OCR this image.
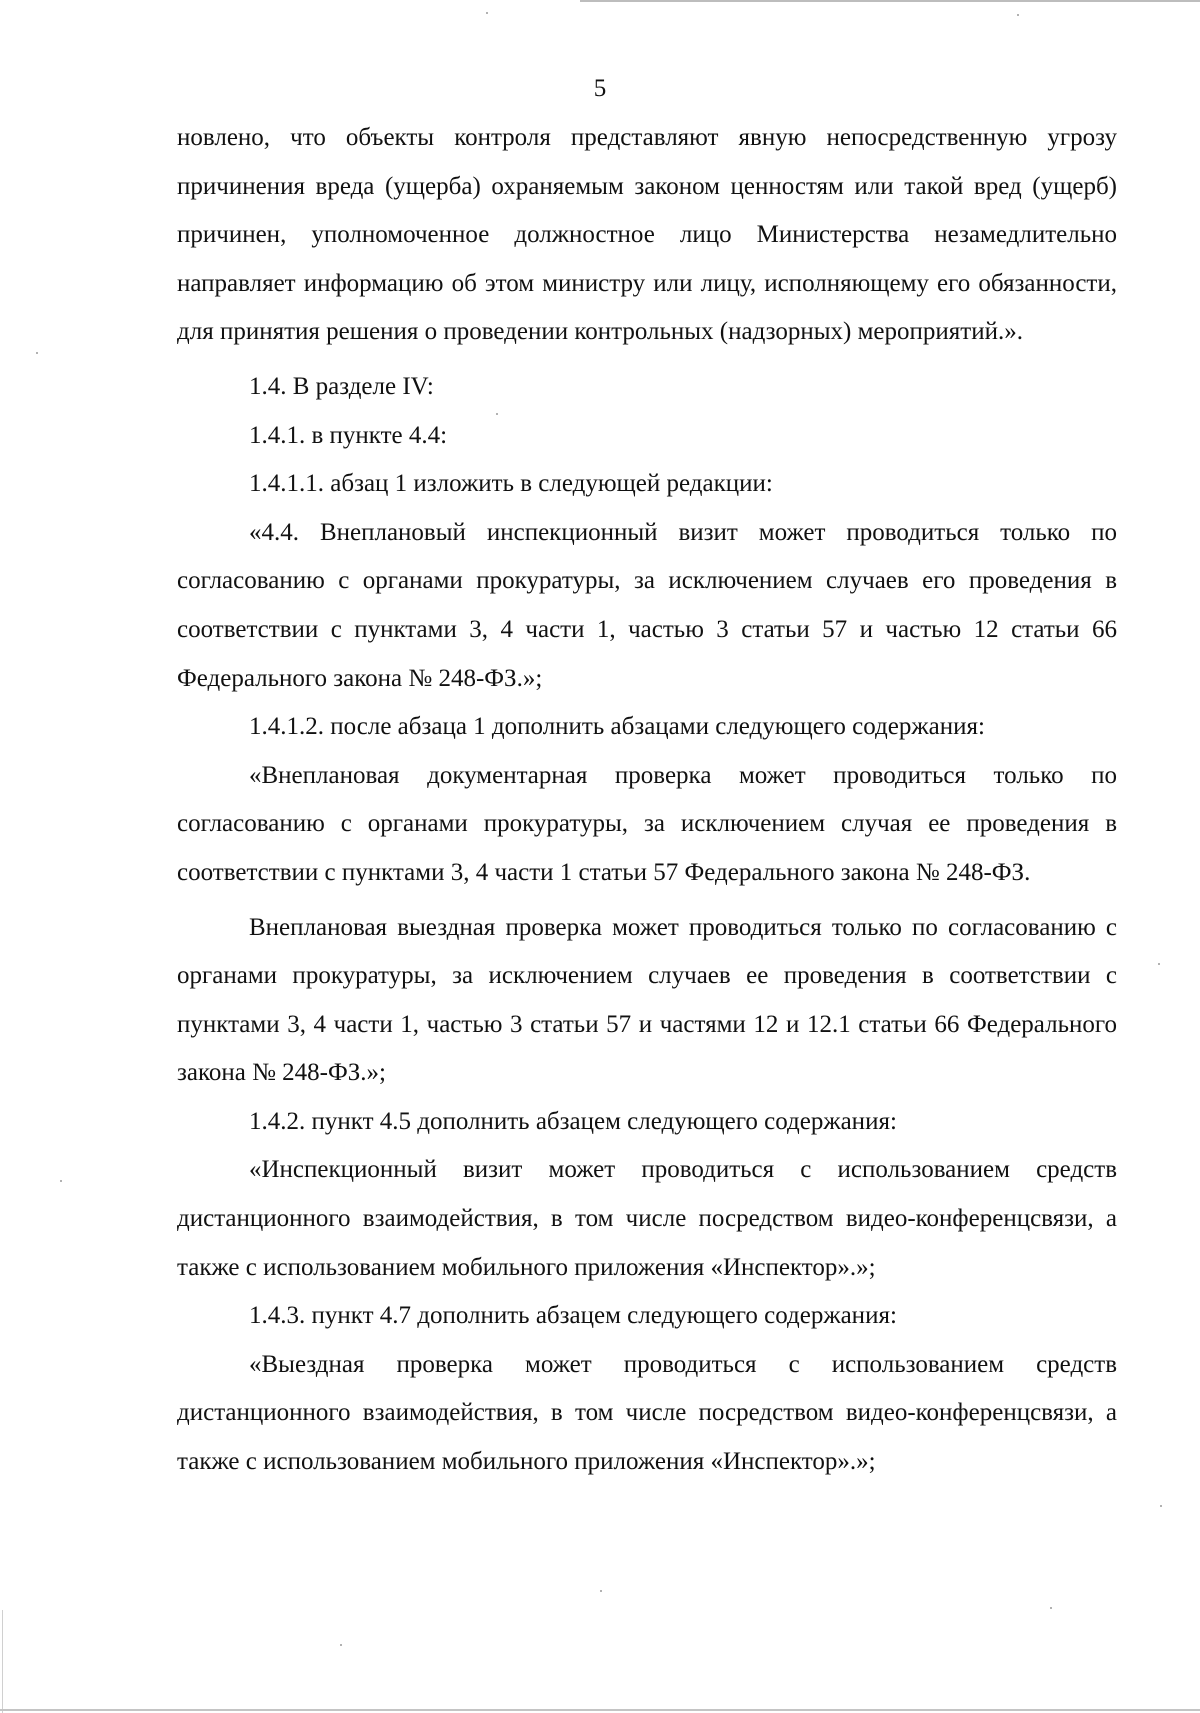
5

новлено, что объекты контроля представляют явную непосредственную угрозу причинения вреда (ущерба) охраняемым законом ценностям или такой вред (ущерб) причинен, уполномоченное должностное лицо Министерства незамедлительно направляет информацию об этом министру или лицу, исполняющему его обязанности, для принятия решения о проведении контрольных (надзорных) мероприятий.».

1.4. В разделе IV:

1.4.1. в пункте 4.4:

1.4.1.1. абзац 1 изложить в следующей редакции:

«4.4. Внеплановый инспекционный визит может проводиться только по согласованию с органами прокуратуры, за исключением случаев его проведения в соответствии с пунктами 3, 4 части 1, частью 3 статьи 57 и частью 12 статьи 66 Федерального закона № 248-ФЗ.»;

1.4.1.2. после абзаца 1 дополнить абзацами следующего содержания:

«Внеплановая документарная проверка может проводиться только по согласованию с органами прокуратуры, за исключением случая ее проведения в соответствии с пунктами 3, 4 части 1 статьи 57 Федерального закона № 248-ФЗ.

Внеплановая выездная проверка может проводиться только по согласованию с органами прокуратуры, за исключением случаев ее проведения в соответствии с пунктами 3, 4 части 1, частью 3 статьи 57 и частями 12 и 12.1 статьи 66 Федерального закона № 248-ФЗ.»;

1.4.2. пункт 4.5 дополнить абзацем следующего содержания:

«Инспекционный визит может проводиться с использованием средств дистанционного взаимодействия, в том числе посредством видео-конференцсвязи, а также с использованием мобильного приложения «Инспектор».»;

1.4.3. пункт 4.7 дополнить абзацем следующего содержания:

«Выездная проверка может проводиться с использованием средств дистанционного взаимодействия, в том числе посредством видео-конференцсвязи, а также с использованием мобильного приложения «Инспектор».»;
